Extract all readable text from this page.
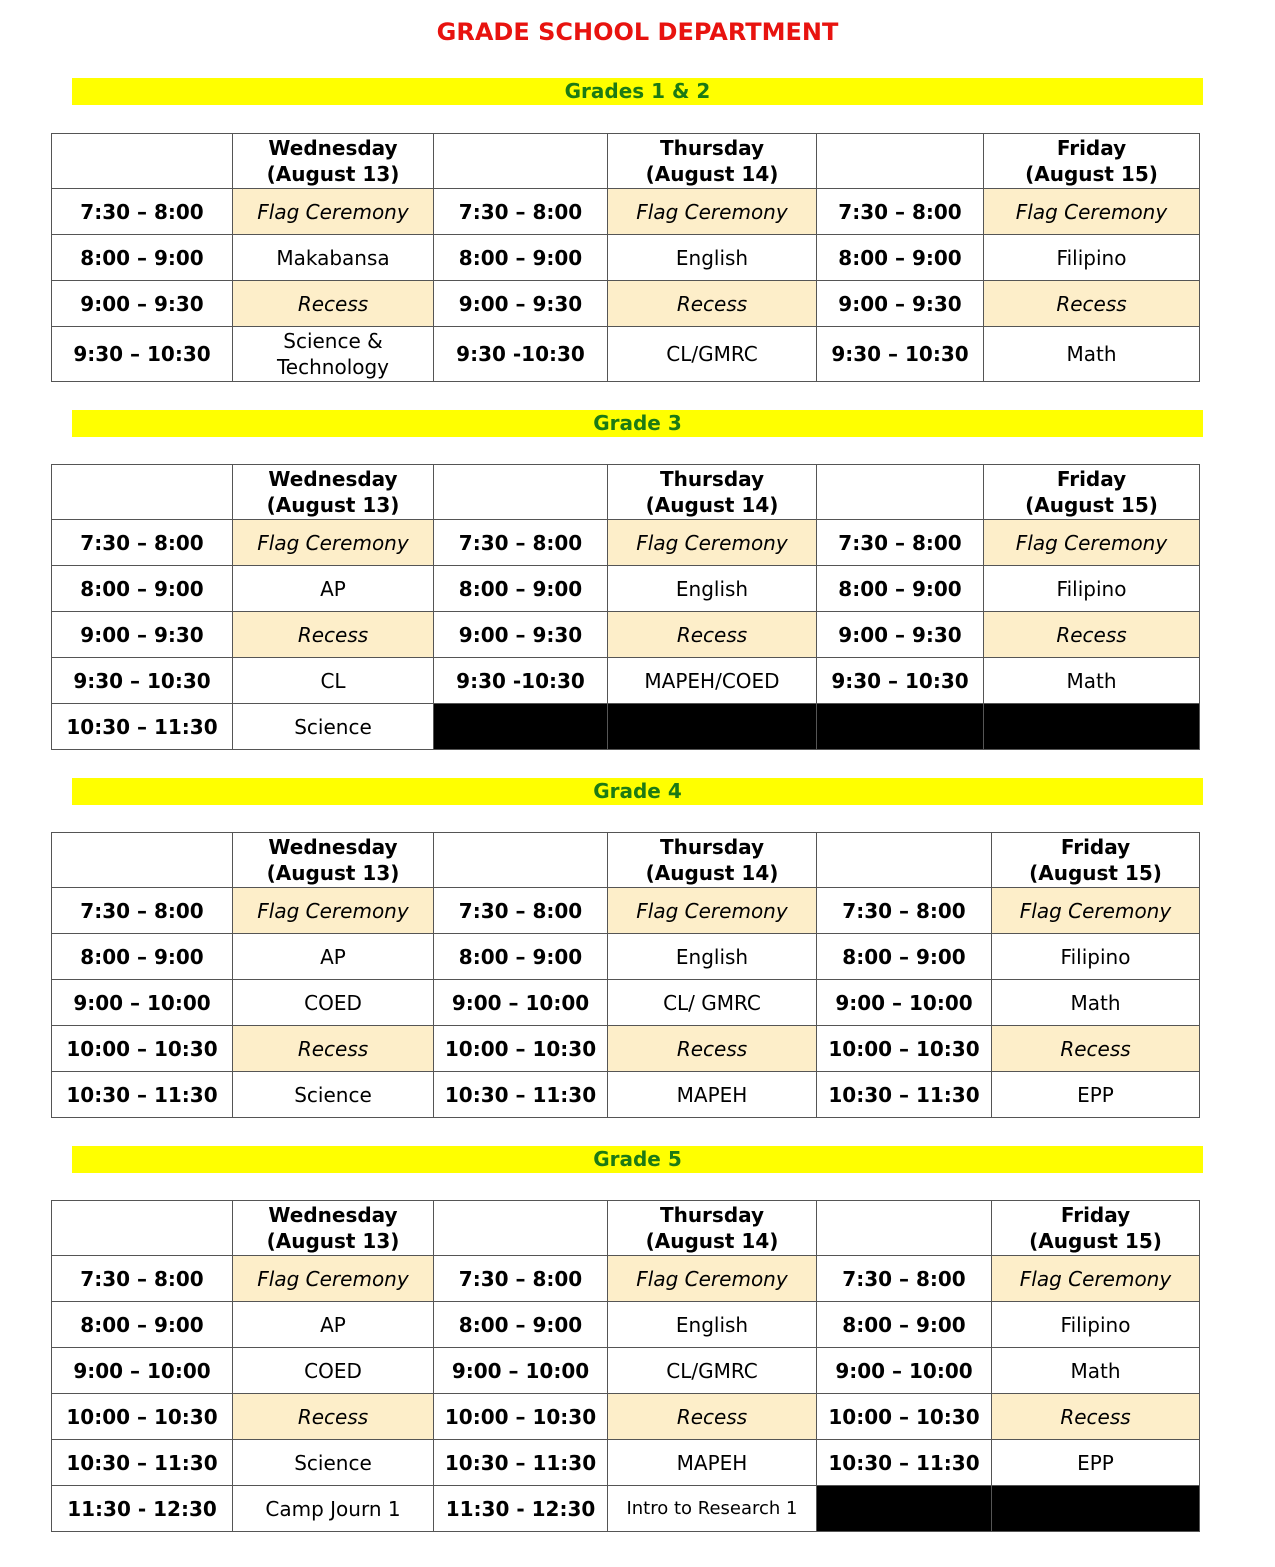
GRADE SCHOOL DEPARTMENT
Grades 1 & 2
	Wednesday
(August 13)		Thursday
(August 14)		Friday
(August 15)
7:30 – 8:00	Flag Ceremony	7:30 – 8:00	Flag Ceremony	7:30 – 8:00	Flag Ceremony
8:00 – 9:00	Makabansa	8:00 – 9:00	English	8:00 – 9:00	Filipino
9:00 – 9:30	Recess	9:00 – 9:30	Recess	9:00 – 9:30	Recess
9:30 – 10:30	Science & Technology	9:30 -10:30	CL/GMRC	9:30 – 10:30	Math
Grade 3
	Wednesday
(August 13)		Thursday
(August 14)		Friday
(August 15)
7:30 – 8:00	Flag Ceremony	7:30 – 8:00	Flag Ceremony	7:30 – 8:00	Flag Ceremony
8:00 – 9:00	AP	8:00 – 9:00	English	8:00 – 9:00	Filipino
9:00 – 9:30	Recess	9:00 – 9:30	Recess	9:00 – 9:30	Recess
9:30 – 10:30	CL	9:30 -10:30	MAPEH/COED	9:30 – 10:30	Math
10:30 – 11:30	Science				
Grade 4
	Wednesday
(August 13)		Thursday
(August 14)		Friday
(August 15)
7:30 – 8:00	Flag Ceremony	7:30 – 8:00	Flag Ceremony	7:30 – 8:00	Flag Ceremony
8:00 – 9:00	AP	8:00 – 9:00	English	8:00 – 9:00	Filipino
9:00 – 10:00	COED	9:00 – 10:00	CL/ GMRC	9:00 – 10:00	Math
10:00 – 10:30	Recess	10:00 – 10:30	Recess	10:00 – 10:30	Recess
10:30 – 11:30	Science	10:30 – 11:30	MAPEH	10:30 – 11:30	EPP
Grade 5
	Wednesday
(August 13)		Thursday
(August 14)		Friday
(August 15)
7:30 – 8:00	Flag Ceremony	7:30 – 8:00	Flag Ceremony	7:30 – 8:00	Flag Ceremony
8:00 – 9:00	AP	8:00 – 9:00	English	8:00 – 9:00	Filipino
9:00 – 10:00	COED	9:00 – 10:00	CL/GMRC	9:00 – 10:00	Math
10:00 – 10:30	Recess	10:00 – 10:30	Recess	10:00 – 10:30	Recess
10:30 – 11:30	Science	10:30 – 11:30	MAPEH	10:30 – 11:30	EPP
11:30 - 12:30	Camp Journ 1	11:30 - 12:30	Intro to Research 1		
